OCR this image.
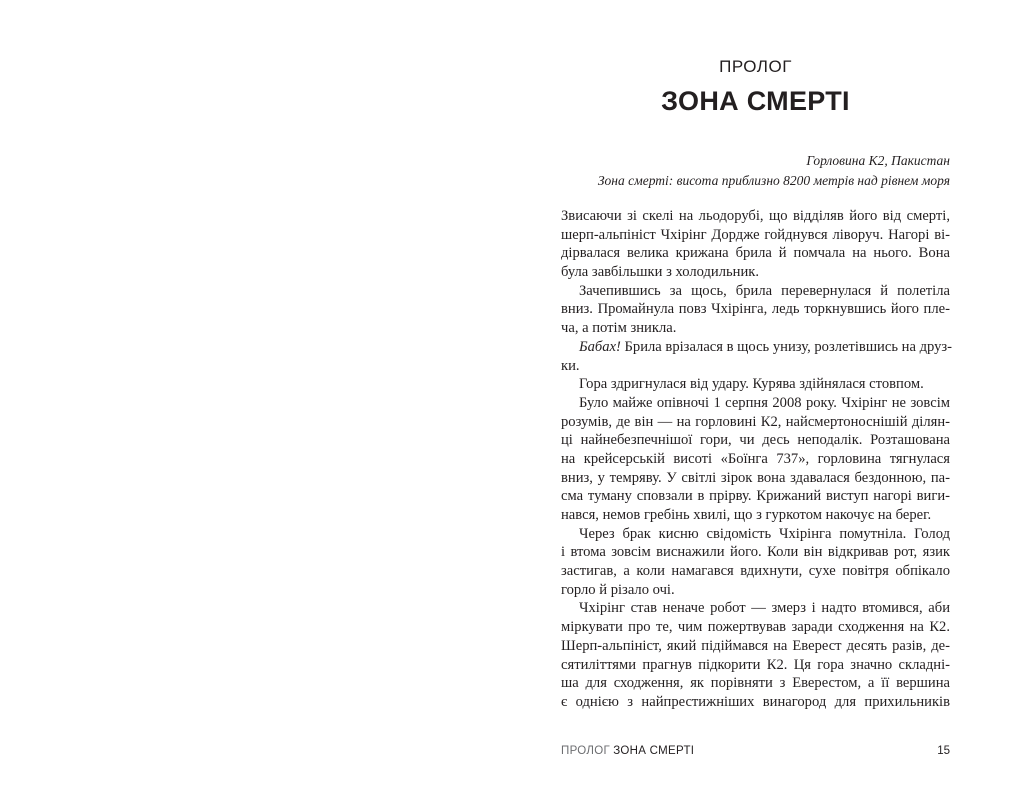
ПРОЛОГ
ЗОНА СМЕРТІ
Горловина К2, Пакистан
Зона смерті: висота приблизно 8200 метрів над рівнем моря
Звисаючи зі скелі на льодорубі, що відділяв його від смерті,
шерп-альпініст Чхірінг Дордже гойднувся ліворуч. Нагорі ві-
дірвалася велика крижана брила й помчала на нього. Вона
була завбільшки з холодильник.
Зачепившись за щось, брила перевернулася й полетіла
вниз. Промайнула повз Чхірінга, ледь торкнувшись його пле-
ча, а потім зникла.
Бабах! Брила врізалася в щось унизу, розлетівшись на друз-
ки.
Гора здригнулася від удару. Курява здійнялася стовпом.
Було майже опівночі 1 серпня 2008 року. Чхірінг не зовсім
розумів, де він — на горловині К2, найсмертоноснішій ділян-
ці найнебезпечнішої гори, чи десь неподалік. Розташована
на крейсерській висоті «Боїнга 737», горловина тягнулася
вниз, у темряву. У світлі зірок вона здавалася бездонною, па-
сма туману сповзали в прірву. Крижаний виступ нагорі виги-
нався, немов гребінь хвилі, що з гуркотом накочує на берег.
Через брак кисню свідомість Чхірінга помутніла. Голод
і втома зовсім виснажили його. Коли він відкривав рот, язик
застигав, а коли намагався вдихнути, сухе повітря обпікало
горло й різало очі.
Чхірінг став неначе робот — змерз і надто втомився, аби
міркувати про те, чим пожертвував заради сходження на К2.
Шерп-альпініст, який підіймався на Еверест десять разів, де-
сятиліттями прагнув підкорити К2. Ця гора значно складні-
ша для сходження, як порівняти з Еверестом, а її вершина
є однією з найпрестижніших винагород для прихильників
ПРОЛОГ ЗОНА СМЕРТІ	15
